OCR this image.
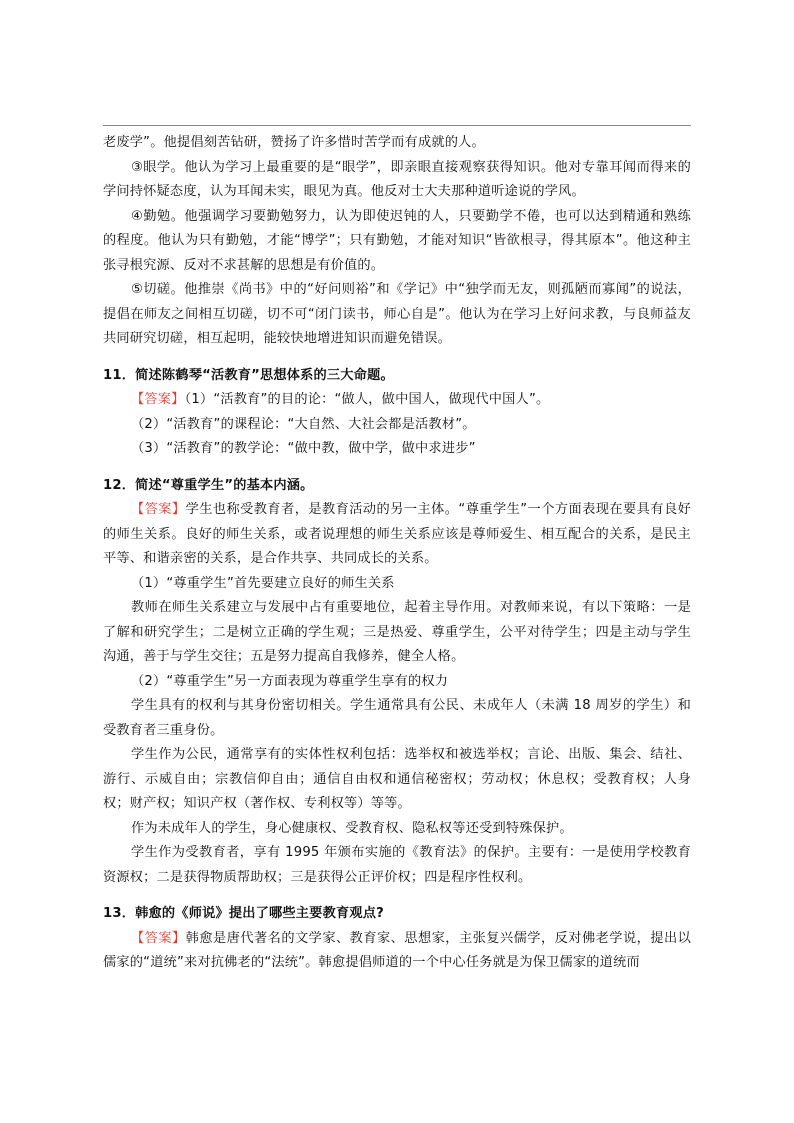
老废学”。他提倡刻苦钻研，赞扬了许多惜时苦学而有成就的人。

③眼学。他认为学习上最重要的是“眼学”，即亲眼直接观察获得知识。他对专靠耳闻而得来的学问持怀疑态度，认为耳闻未实，眼见为真。他反对士大夫那种道听途说的学风。

④勤勉。他强调学习要勤勉努力，认为即使迟钝的人，只要勤学不倦，也可以达到精通和熟练的程度。他认为只有勤勉，才能“博学”；只有勤勉，才能对知识“皆欲根寻，得其原本”。他这种主张寻根究源、反对不求甚解的思想是有价值的。

⑤切磋。他推崇《尚书》中的“好问则裕”和《学记》中“独学而无友，则孤陋而寡闻”的说法，提倡在师友之间相互切磋，切不可“闭门读书，师心自是”。他认为在学习上好问求教，与良师益友共同研究切磋，相互起明，能较快地增进知识而避免错误。

11．简述陈鹤琴“活教育”思想体系的三大命题。

【答案】（1）“活教育”的目的论：“做人，做中国人，做现代中国人”。

（2）“活教育”的课程论：“大自然、大社会都是活教材”。

（3）“活教育”的教学论：“做中教，做中学，做中求进步”

12．简述“尊重学生”的基本内涵。

【答案】学生也称受教育者，是教育活动的另一主体。“尊重学生”一个方面表现在要具有良好的师生关系。良好的师生关系，或者说理想的师生关系应该是尊师爱生、相互配合的关系，是民主平等、和谐亲密的关系，是合作共享、共同成长的关系。

（1）“尊重学生”首先要建立良好的师生关系

教师在师生关系建立与发展中占有重要地位，起着主导作用。对教师来说，有以下策略：一是了解和研究学生；二是树立正确的学生观；三是热爱、尊重学生，公平对待学生；四是主动与学生沟通，善于与学生交往；五是努力提高自我修养，健全人格。

（2）“尊重学生”另一方面表现为尊重学生享有的权力

学生具有的权利与其身份密切相关。学生通常具有公民、未成年人（未满 18 周岁的学生）和受教育者三重身份。

学生作为公民，通常享有的实体性权利包括：选举权和被选举权；言论、出版、集会、结社、游行、示威自由；宗教信仰自由；通信自由权和通信秘密权；劳动权；休息权；受教育权；人身权；财产权；知识产权（著作权、专利权等）等等。

作为未成年人的学生，身心健康权、受教育权、隐私权等还受到特殊保护。

学生作为受教育者，享有 1995 年颁布实施的《教育法》的保护。主要有：一是使用学校教育资源权；二是获得物质帮助权；三是获得公正评价权；四是程序性权利。

13．韩愈的《师说》提出了哪些主要教育观点?

【答案】韩愈是唐代著名的文学家、教育家、思想家，主张复兴儒学，反对佛老学说，提出以儒家的“道统”来对抗佛老的“法统”。韩愈提倡师道的一个中心任务就是为保卫儒家的道统而
